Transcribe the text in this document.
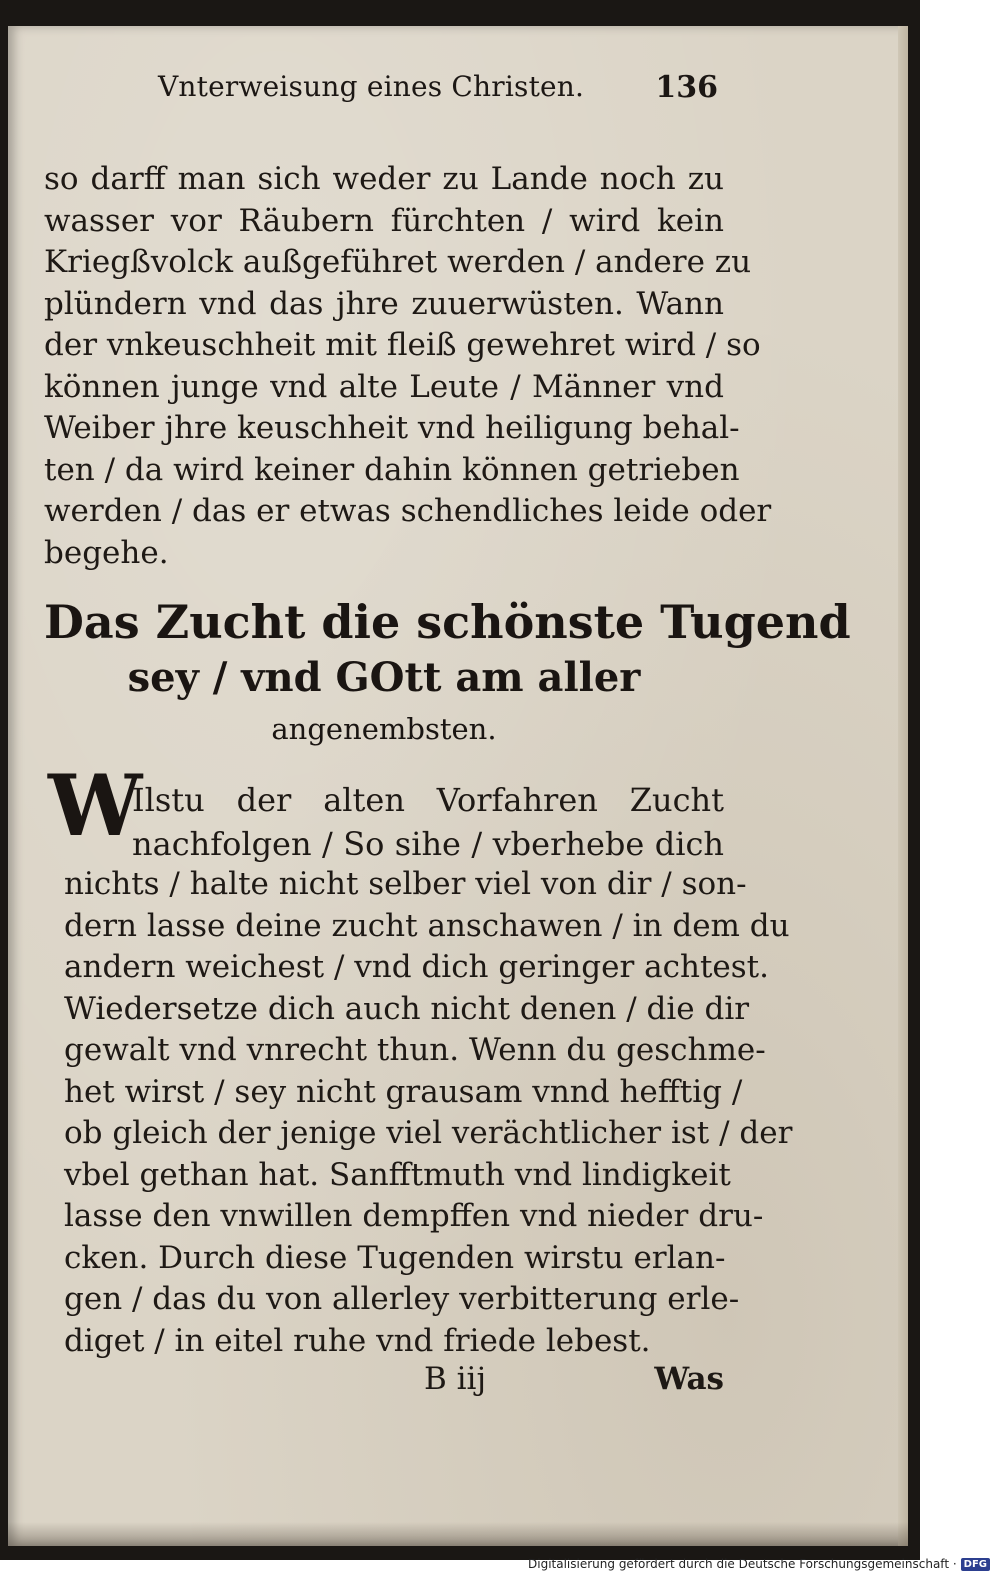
Vnterweisung eines Christen. 136
so darff man sich weder zu Lande noch zu
wasser vor Räubern fürchten / wird kein
Kriegßvolck außgeführet werden / andere zu
plündern vnd das jhre zuuerwüsten. Wann
der vnkeuschheit mit fleiß gewehret wird / so
können junge vnd alte Leute / Männer vnd
Weiber jhre keuschheit vnd heiligung behal-
ten / da wird keiner dahin können getrieben
werden / das er etwas schendliches leide oder
begehe.
Das Zucht die schönste Tugend
sey / vnd GOtt am aller
angenembsten.
W
Ilstu der alten Vorfahren Zucht
nachfolgen / So sihe / vberhebe dich
nichts / halte nicht selber viel von dir / son-
dern lasse deine zucht anschawen / in dem du
andern weichest / vnd dich geringer achtest.
Wiedersetze dich auch nicht denen / die dir
gewalt vnd vnrecht thun. Wenn du geschme-
het wirst / sey nicht grausam vnnd hefftig /
ob gleich der jenige viel verächtlicher ist / der
vbel gethan hat. Sanfftmuth vnd lindigkeit
lasse den vnwillen dempffen vnd nieder dru-
cken. Durch diese Tugenden wirstu erlan-
gen / das du von allerley verbitterung erle-
diget / in eitel ruhe vnd friede lebest.
B iij	Was
Digitalisierung gefördert durch die Deutsche Forschungsgemeinschaft · DFG
